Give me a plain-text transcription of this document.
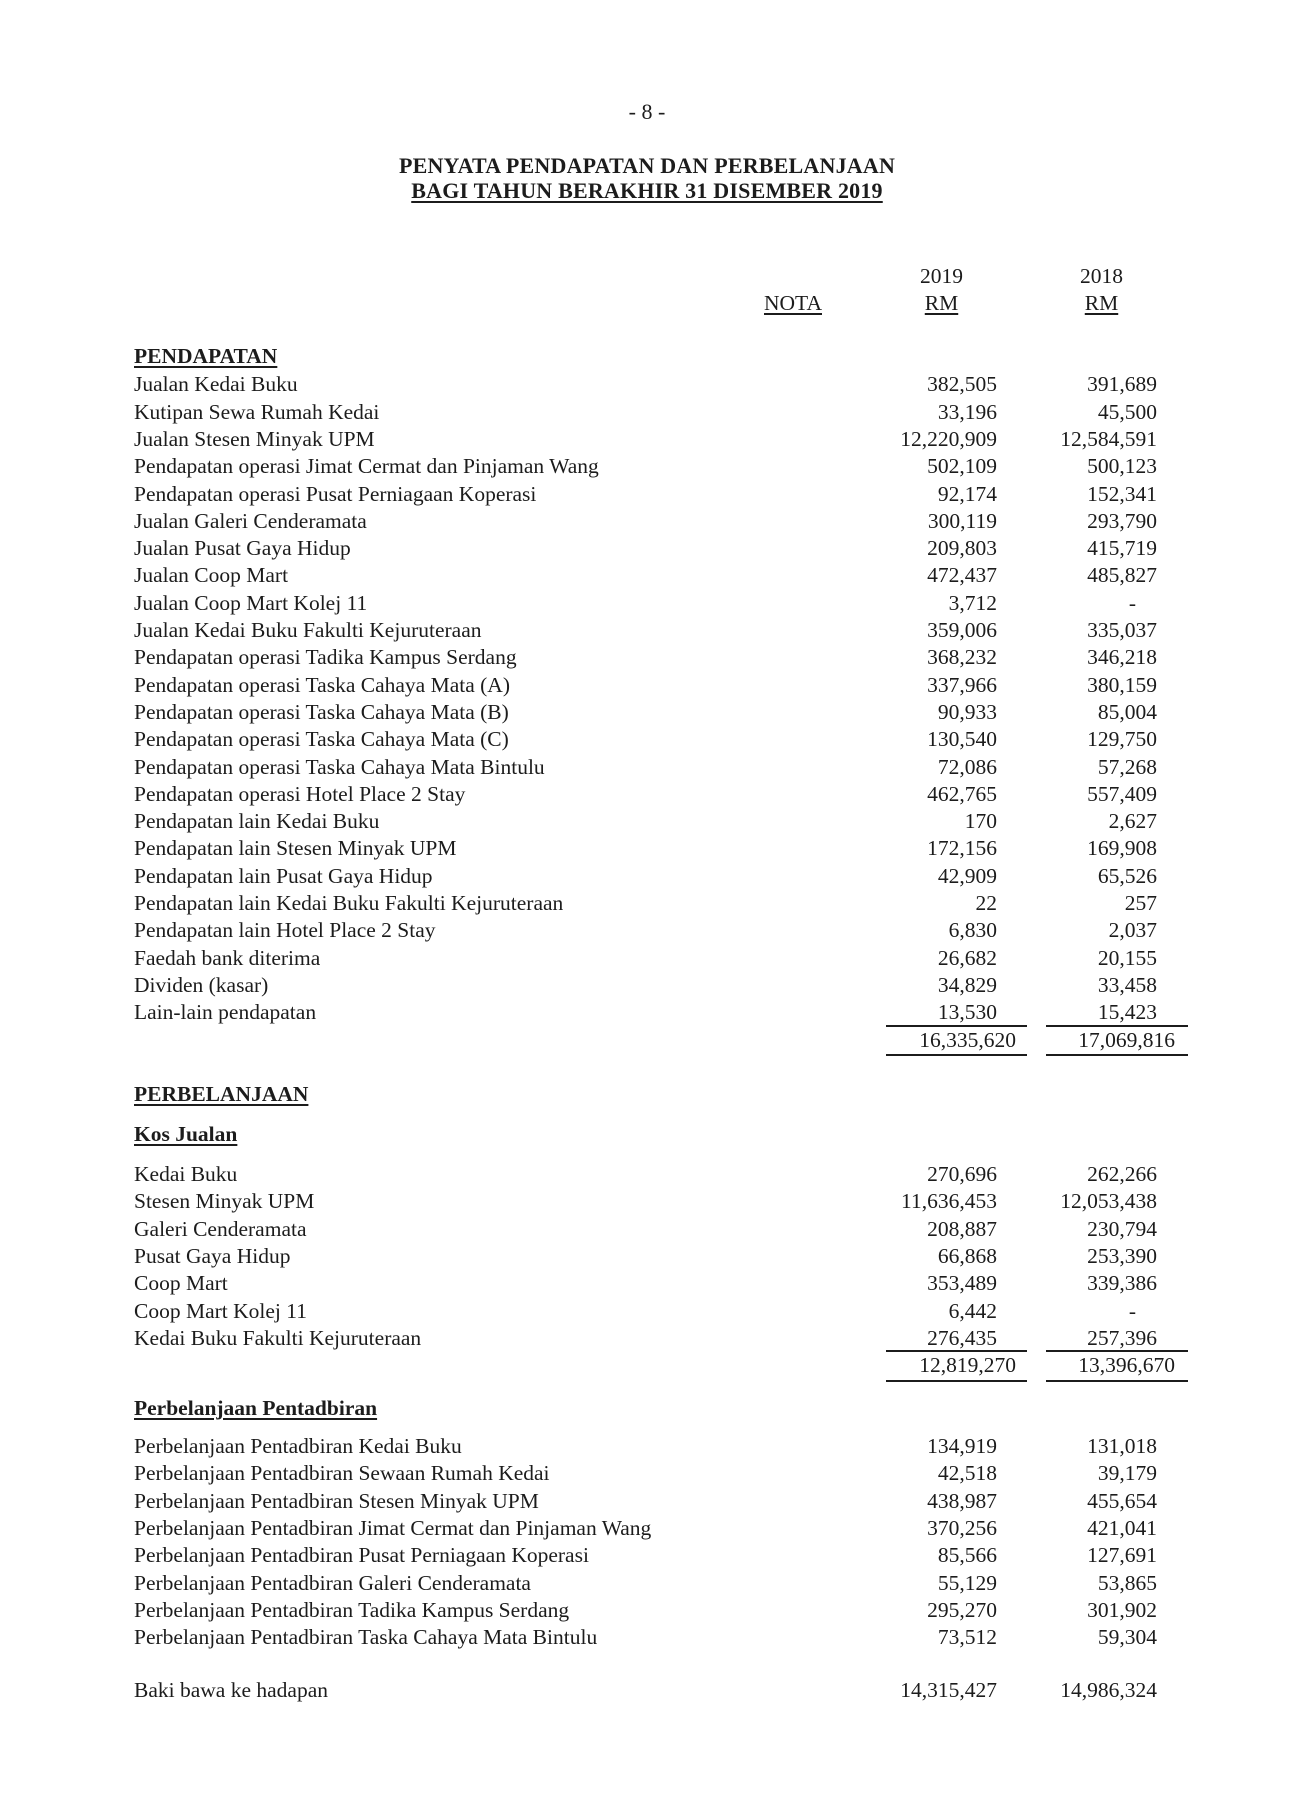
- 8 -
PENYATA PENDAPATAN DAN PERBELANJAAN
BAGI TAHUN BERAKHIR 31 DISEMBER 2019
2019	2018
NOTA	RM	RM
PENDAPATAN
Jualan Kedai Buku	382,505	391,689
Kutipan Sewa Rumah Kedai	33,196	45,500
Jualan Stesen Minyak UPM	12,220,909	12,584,591
Pendapatan operasi Jimat Cermat dan Pinjaman Wang	502,109	500,123
Pendapatan operasi Pusat Perniagaan Koperasi	92,174	152,341
Jualan Galeri Cenderamata	300,119	293,790
Jualan Pusat Gaya Hidup	209,803	415,719
Jualan Coop Mart	472,437	485,827
Jualan Coop Mart Kolej 11	3,712	-
Jualan Kedai Buku Fakulti Kejuruteraan	359,006	335,037
Pendapatan operasi Tadika Kampus Serdang	368,232	346,218
Pendapatan operasi Taska Cahaya Mata (A)	337,966	380,159
Pendapatan operasi Taska Cahaya Mata (B)	90,933	85,004
Pendapatan operasi Taska Cahaya Mata (C)	130,540	129,750
Pendapatan operasi Taska Cahaya Mata Bintulu	72,086	57,268
Pendapatan operasi Hotel Place 2 Stay	462,765	557,409
Pendapatan lain Kedai Buku	170	2,627
Pendapatan lain Stesen Minyak UPM	172,156	169,908
Pendapatan lain Pusat Gaya Hidup	42,909	65,526
Pendapatan lain Kedai Buku Fakulti Kejuruteraan	22	257
Pendapatan lain Hotel Place 2 Stay	6,830	2,037
Faedah bank diterima	26,682	20,155
Dividen (kasar)	34,829	33,458
Lain-lain pendapatan	13,530	15,423
16,335,620	17,069,816
PERBELANJAAN
Kos Jualan
Kedai Buku	270,696	262,266
Stesen Minyak UPM	11,636,453	12,053,438
Galeri Cenderamata	208,887	230,794
Pusat Gaya Hidup	66,868	253,390
Coop Mart	353,489	339,386
Coop Mart Kolej 11	6,442	-
Kedai Buku Fakulti Kejuruteraan	276,435	257,396
12,819,270	13,396,670
Perbelanjaan Pentadbiran
Perbelanjaan Pentadbiran Kedai Buku	134,919	131,018
Perbelanjaan Pentadbiran Sewaan Rumah Kedai	42,518	39,179
Perbelanjaan Pentadbiran Stesen Minyak UPM	438,987	455,654
Perbelanjaan Pentadbiran Jimat Cermat dan Pinjaman Wang	370,256	421,041
Perbelanjaan Pentadbiran Pusat Perniagaan Koperasi	85,566	127,691
Perbelanjaan Pentadbiran Galeri Cenderamata	55,129	53,865
Perbelanjaan Pentadbiran Tadika Kampus Serdang	295,270	301,902
Perbelanjaan Pentadbiran Taska Cahaya Mata Bintulu	73,512	59,304
Baki bawa ke hadapan	14,315,427	14,986,324
